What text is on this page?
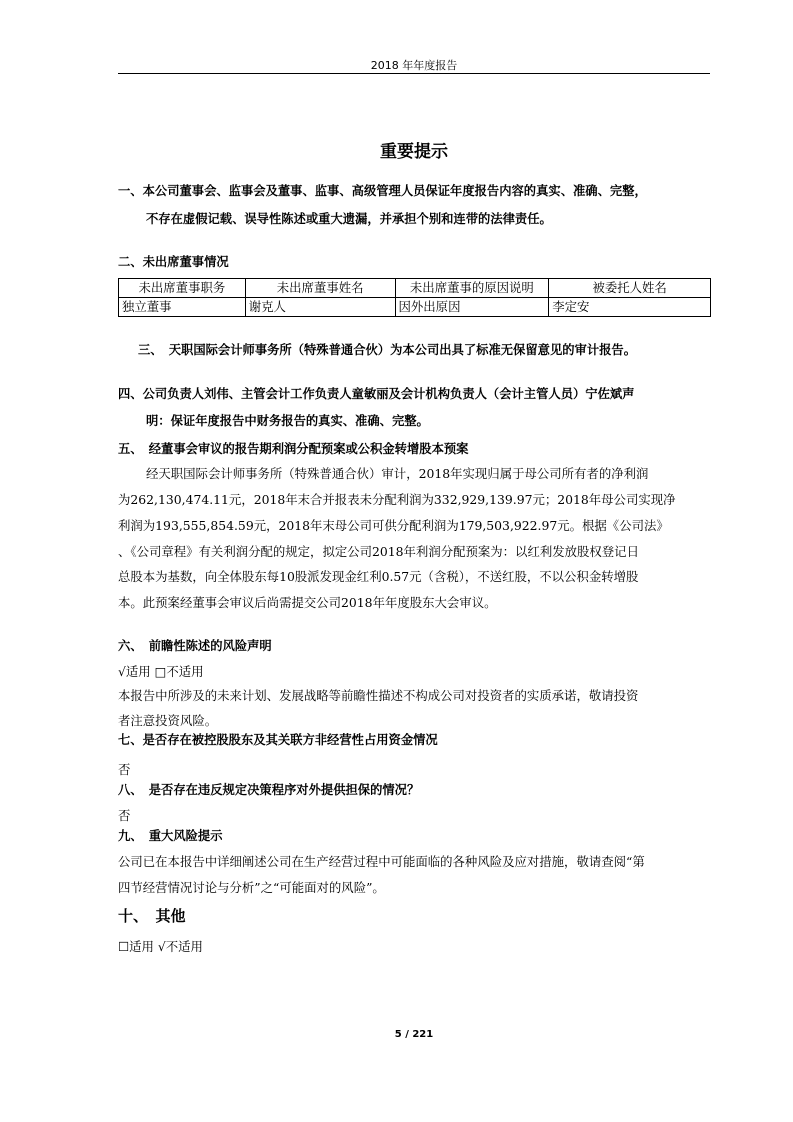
2018 年年度报告
重要提示
一、本公司董事会、监事会及董事、监事、高级管理人员保证年度报告内容的真实、准确、完整，
不存在虚假记载、误导性陈述或重大遗漏，并承担个别和连带的法律责任。
二、未出席董事情况
未出席董事职务	未出席董事姓名	未出席董事的原因说明	被委托人姓名
独立董事	谢克人	因外出原因	李定安
三、　天职国际会计师事务所（特殊普通合伙）为本公司出具了标准无保留意见的审计报告。
四、公司负责人刘伟、主管会计工作负责人童敏丽及会计机构负责人（会计主管人员）宁佐斌声
明：保证年度报告中财务报告的真实、准确、完整。
五、　经董事会审议的报告期利润分配预案或公积金转增股本预案
经天职国际会计师事务所（特殊普通合伙）审计，2018年实现归属于母公司所有者的净利润
为262,130,474.11元，2018年末合并报表未分配利润为332,929,139.97元；2018年母公司实现净
利润为193,555,854.59元，2018年末母公司可供分配利润为179,503,922.97元。根据《公司法》
、《公司章程》有关利润分配的规定，拟定公司2018年利润分配预案为：以红利发放股权登记日
总股本为基数，向全体股东每10股派发现金红利0.57元（含税），不送红股，不以公积金转增股
本。此预案经董事会审议后尚需提交公司2018年年度股东大会审议。
六、　前瞻性陈述的风险声明
√适用 □不适用
本报告中所涉及的未来计划、发展战略等前瞻性描述不构成公司对投资者的实质承诺，敬请投资
者注意投资风险。
七、是否存在被控股股东及其关联方非经营性占用资金情况
否
八、　是否存在违反规定决策程序对外提供担保的情况？
否
九、　重大风险提示
公司已在本报告中详细阐述公司在生产经营过程中可能面临的各种风险及应对措施，敬请查阅“第
四节经营情况讨论与分析”之“可能面对的风险”。
十、　其他
☐适用 √不适用
5 / 221
